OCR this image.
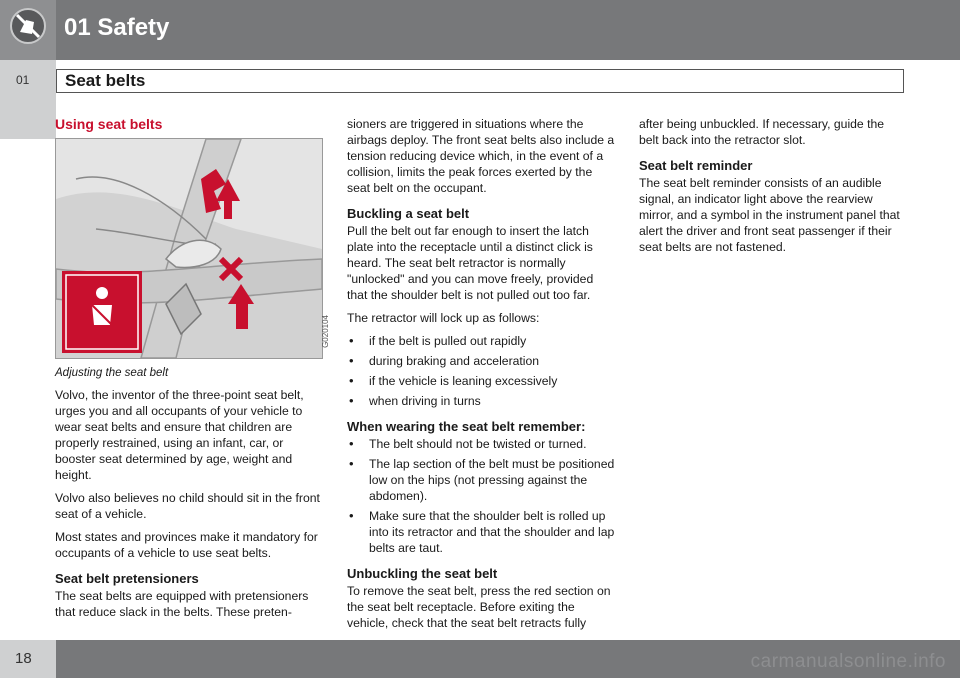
01 Safety
01 Seat belts
Using seat belts
G020104
Adjusting the seat belt

Volvo, the inventor of the three-point seat belt, urges you and all occupants of your vehicle to wear seat belts and ensure that children are properly restrained, using an infant, car, or booster seat determined by age, weight and height.

Volvo also believes no child should sit in the front seat of a vehicle.

Most states and provinces make it mandatory for occupants of a vehicle to use seat belts.

Seat belt pretensioners

The seat belts are equipped with pretensioners that reduce slack in the belts. These preten-

sioners are triggered in situations where the airbags deploy. The front seat belts also include a tension reducing device which, in the event of a collision, limits the peak forces exerted by the seat belt on the occupant.

Buckling a seat belt

Pull the belt out far enough to insert the latch plate into the receptacle until a distinct click is heard. The seat belt retractor is normally "unlocked" and you can move freely, provided that the shoulder belt is not pulled out too far.

The retractor will lock up as follows:

• if the belt is pulled out rapidly
• during braking and acceleration
• if the vehicle is leaning excessively
• when driving in turns
When wearing the seat belt remember:
• The belt should not be twisted or turned.
• The lap section of the belt must be positioned low on the hips (not pressing against the abdomen).
• Make sure that the shoulder belt is rolled up into its retractor and that the shoulder and lap belts are taut.
Unbuckling the seat belt

To remove the seat belt, press the red section on the seat belt receptacle. Before exiting the vehicle, check that the seat belt retracts fully

after being unbuckled. If necessary, guide the belt back into the retractor slot.

Seat belt reminder

The seat belt reminder consists of an audible signal, an indicator light above the rearview mirror, and a symbol in the instrument panel that alert the driver and front seat passenger if their seat belts are not fastened.

18	carmanualsonline.info
